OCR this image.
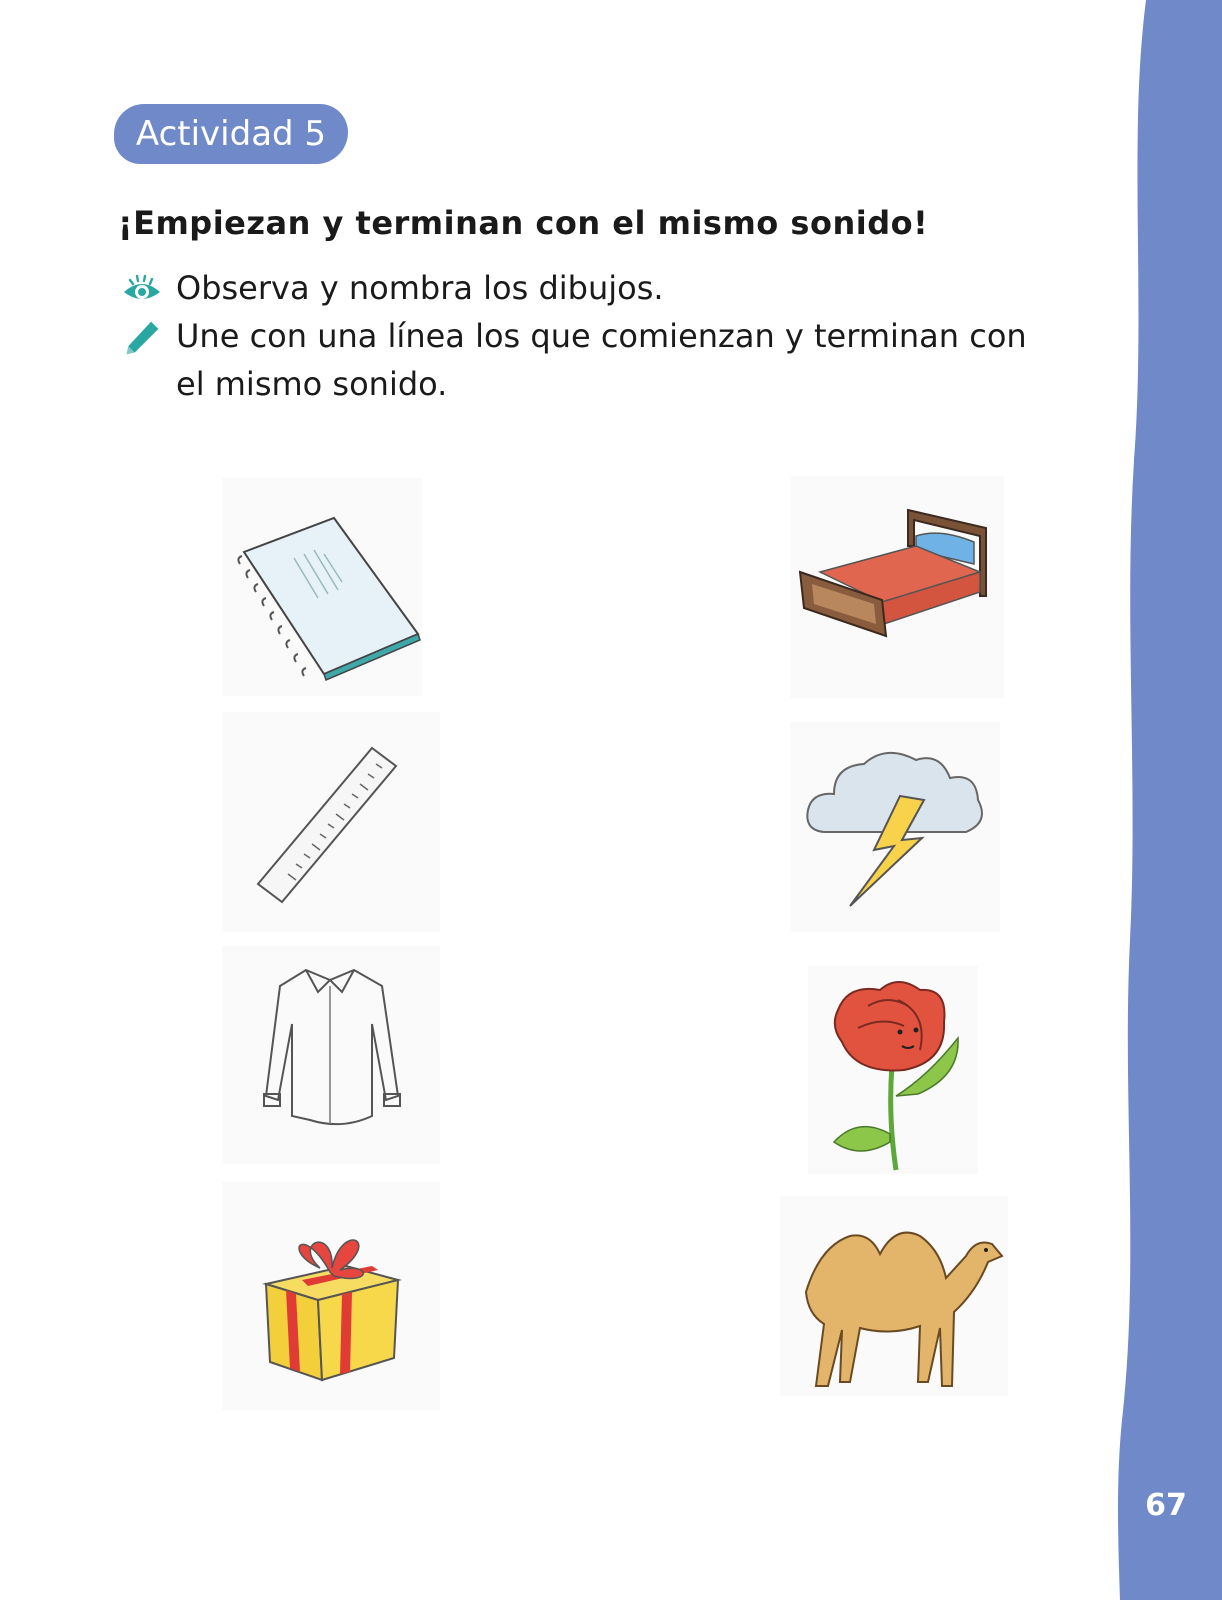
Actividad 5
¡Empiezan y terminan con el mismo sonido!
Observa y nombra los dibujos.
Une con una línea los que comienzan y terminan con el mismo sonido.
67
